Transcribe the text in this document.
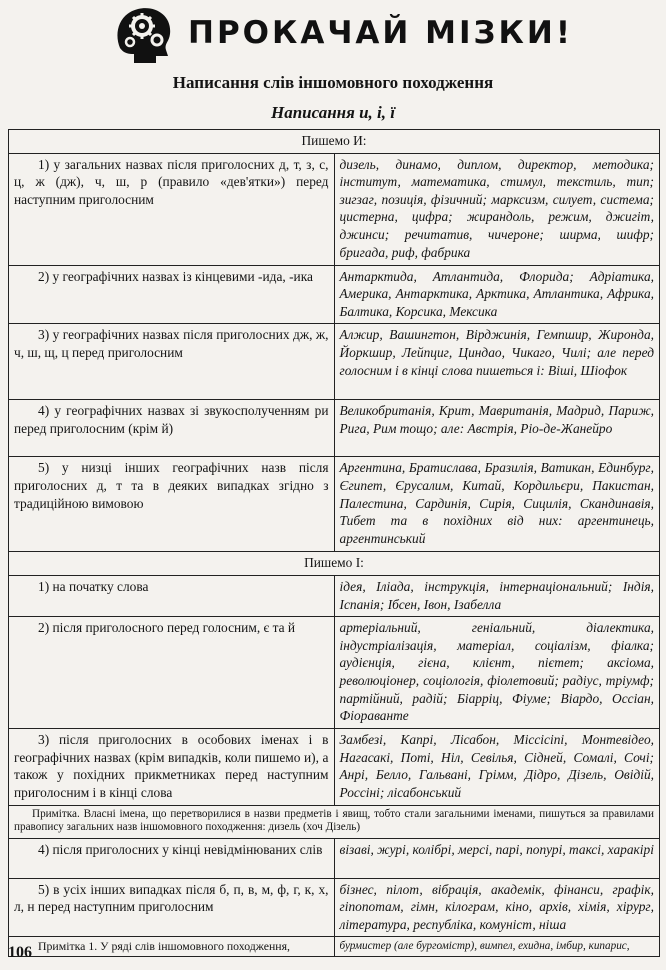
ПРОКАЧАЙ МІЗКИ!
Написання слів іншомовного походження
Написання и, і, ї
Пишемо И:	
1) у загальних назвах після приголосних д, т, з, с, ц, ж (дж), ч, ш, р (правило «дев'ятки») перед наступним приголосним	дизель, динамо, диплом, директор, методика; інститут, математика, стимул, текстиль, тип; зигзаг, позиція, фізичний; марксизм, силует, система; цистерна, цифра; жирандоль, режим, джигіт, джинси; речитатив, чичероне; ширма, шифр; бригада, риф, фабрика
2) у географічних назвах із кінцевими -ида, -ика	Антарктида, Атлантида, Флорида; Адріатика, Америка, Антарктика, Арктика, Атлантика, Африка, Балтика, Корсика, Мексика
3) у географічних назвах після приголосних дж, ж, ч, ш, щ, ц перед приголосним	Алжир, Вашингтон, Вірджинія, Гемпшир, Жиронда, Йоркшир, Лейпциг, Циндао, Чикаго, Чилі; але перед голосним і в кінці слова пишеться і: Віші, Шіофок
4) у географічних назвах зі звукосполученням ри перед приголосним (крім й)	Великобританія, Крит, Мавританія, Мадрид, Париж, Рига, Рим тощо; але: Австрія, Ріо-де-Жанейро
5) у низці інших географічних назв після приголосних д, т та в деяких випадках згідно з традиційною вимовою	Аргентина, Братислава, Бразилія, Ватикан, Единбург, Єгипет, Єрусалим, Китай, Кордильєри, Пакистан, Палестина, Сардинія, Сирія, Сицилія, Скандинавія, Тибет та в похідних від них: аргентинець, аргентинський
Пишемо І:	
1) на початку слова	ідея, Іліада, інструкція, інтернаціональний; Індія, Іспанія; Ібсен, Івон, Ізабелла
2) після приголосного перед голосним, є та й	артеріальний, геніальний, діалектика, індустріалізація, матеріал, соціалізм, фіалка; аудієнція, гієна, клієнт, пієтет; аксіома, революціонер, соціологія, фіолетовий; радіус, тріумф; партійний, радій; Біарріц, Фіуме; Віардо, Оссіан, Фіораванте
3) після приголосних в особових іменах і в географічних назвах (крім випадків, коли пишемо и), а також у похідних прикметниках перед наступним приголосним і в кінці слова	Замбезі, Капрі, Лісабон, Міссісіпі, Монтевідео, Нагасакі, Поті, Ніл, Севілья, Сідней, Сомалі, Сочі; Анрі, Белло, Гальвані, Грімм, Дідро, Дізель, Овідій, Россіні; лісабонський
Примітка. Власні імена, що перетворилися в назви предметів і явищ, тобто стали загальними іменами, пишуться за правилами правопису загальних назв іншомовного походження: дизель (хоч Дізель)	
4) після приголосних у кінці невідмінюваних слів	візаві, журі, колібрі, мерсі, парі, попурі, таксі, харакірі
5) в усіх інших випадках після б, п, в, м, ф, г, к, х, л, н перед наступним приголосним	бізнес, пілот, вібрація, академік, фінанси, графік, гіпопотам, гімн, кілограм, кіно, архів, хімія, хірург, література, республіка, комуніст, ніша
Примітка 1. У ряді слів іншомовного походження,	бурмистер (але бургомістр), вимпел, ехидна, імбир, кипарис,
106
